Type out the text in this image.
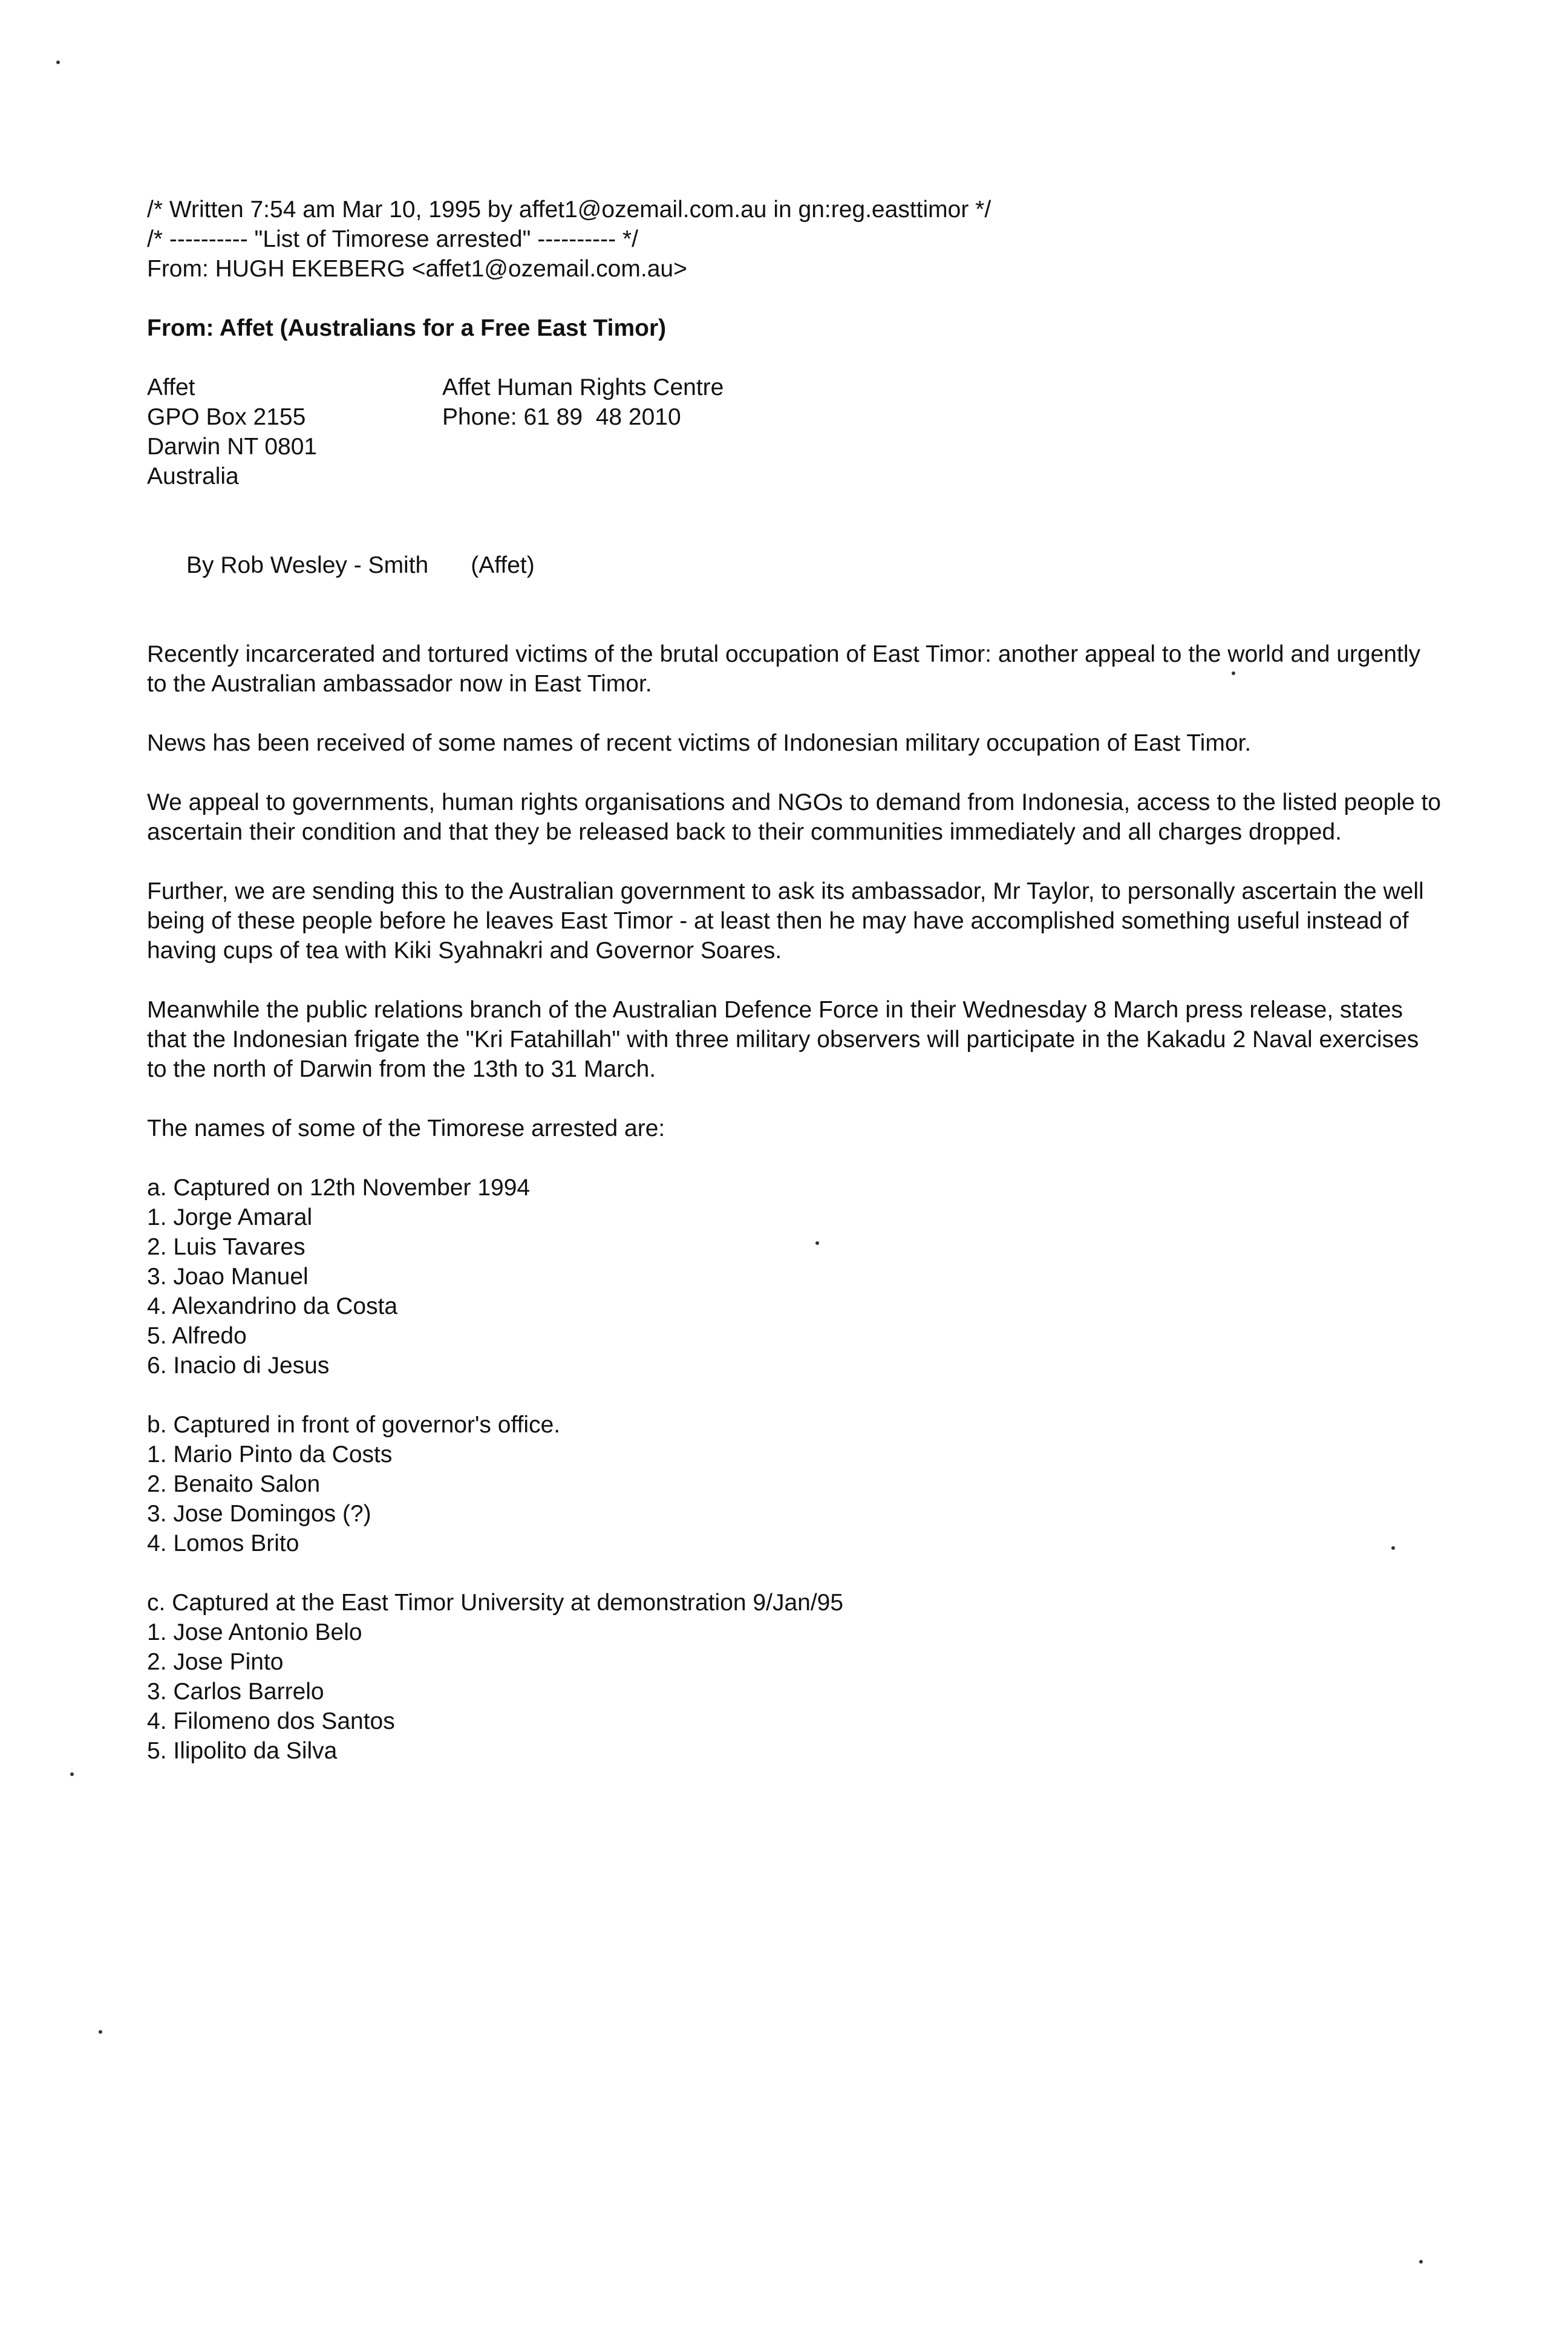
/* Written 7:54 am Mar 10, 1995 by affet1@ozemail.com.au in gn:reg.easttimor */
/* ---------- "List of Timorese arrested" ---------- */
From: HUGH EKEBERG <affet1@ozemail.com.au>
From: Affet (Australians for a Free East Timor)
Affet
GPO Box 2155
Darwin NT 0801
Australia
Affet Human Rights Centre
Phone: 61 89  48 2010

By Rob Wesley - Smith (Affet)

Recently incarcerated and tortured victims of the brutal occupation of East Timor: another appeal to the world and urgently to the Australian ambassador now in East Timor.
News has been received of some names of recent victims of Indonesian military occupation of East Timor.
We appeal to governments, human rights organisations and NGOs to demand from Indonesia, access to the listed people to ascertain their condition and that they be released back to their communities immediately and all charges dropped.
Further, we are sending this to the Australian government to ask its ambassador, Mr Taylor, to personally ascertain the well being of these people before he leaves East Timor - at least then he may have accomplished something useful instead of having cups of tea with Kiki Syahnakri and Governor Soares.
Meanwhile the public relations branch of the Australian Defence Force in their Wednesday 8 March press release, states that the Indonesian frigate the "Kri Fatahillah" with three military observers will participate in the Kakadu 2 Naval exercises to the north of Darwin from the 13th to 31 March.
The names of some of the Timorese arrested are:
a. Captured on 12th November 1994
1. Jorge Amaral
2. Luis Tavares
3. Joao Manuel
4. Alexandrino da Costa
5. Alfredo
6. Inacio di Jesus
b. Captured in front of governor's office.
1. Mario Pinto da Costs
2. Benaito Salon
3. Jose Domingos (?)
4. Lomos Brito
c. Captured at the East Timor University at demonstration 9/Jan/95
1. Jose Antonio Belo
2. Jose Pinto
3. Carlos Barrelo
4. Filomeno dos Santos
5. Ilipolito da Silva
